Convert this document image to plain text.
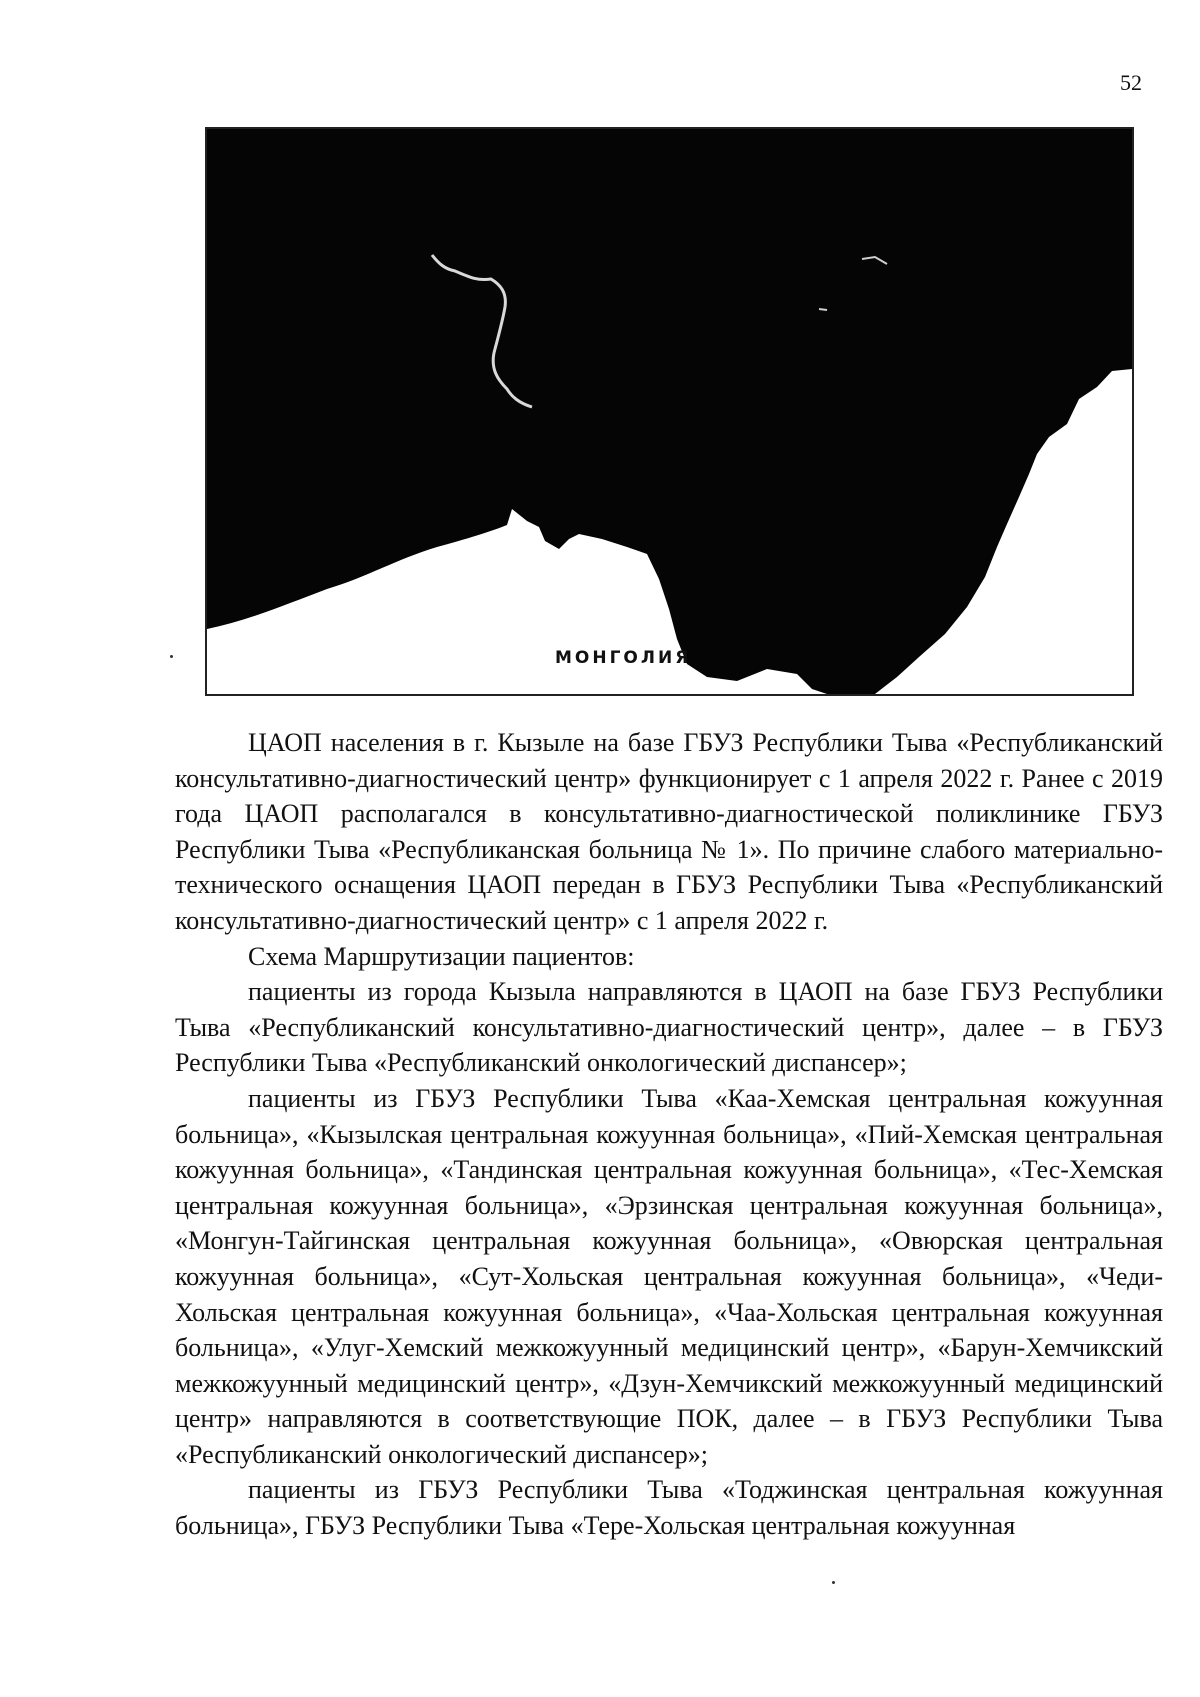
52
МОНГОЛИЯ

ЦАОП населения в г. Кызыле на базе ГБУЗ Республики Тыва «Республиканский консультативно-диагностический центр» функционирует с 1 апреля 2022 г. Ранее с 2019 года ЦАОП располагался в консультативно-диагностической поликлинике ГБУЗ Республики Тыва «Республиканская больница № 1». По причине слабого материально-технического оснащения ЦАОП передан в ГБУЗ Республики Тыва «Республиканский консультативно-диагностический центр» с 1 апреля 2022 г.

Схема Маршрутизации пациентов:

пациенты из города Кызыла направляются в ЦАОП на базе ГБУЗ Республики Тыва «Республиканский консультативно-диагностический центр», далее – в ГБУЗ Республики Тыва «Республиканский онкологический диспансер»;

пациенты из ГБУЗ Республики Тыва «Каа-Хемская центральная кожуунная больница», «Кызылская центральная кожуунная больница», «Пий-Хемская центральная кожуунная больница», «Тандинская центральная кожуунная больница», «Тес-Хемская центральная кожуунная больница», «Эрзинская центральная кожуунная больница», «Монгун-Тайгинская центральная кожуунная больница», «Овюрская центральная кожуунная больница», «Сут-Хольская центральная кожуунная больница», «Чеди-Хольская центральная кожуунная больница», «Чаа-Хольская центральная кожуунная больница», «Улуг-Хемский межкожуунный медицинский центр», «Барун-Хемчикский межкожуунный медицинский центр», «Дзун-Хемчикский межкожуунный медицинский центр» направляются в соответствующие ПОК, далее – в ГБУЗ Республики Тыва «Республиканский онкологический диспансер»;

пациенты из ГБУЗ Республики Тыва «Тоджинская центральная кожуунная больница», ГБУЗ Республики Тыва «Тере-Хольская центральная кожуунная
